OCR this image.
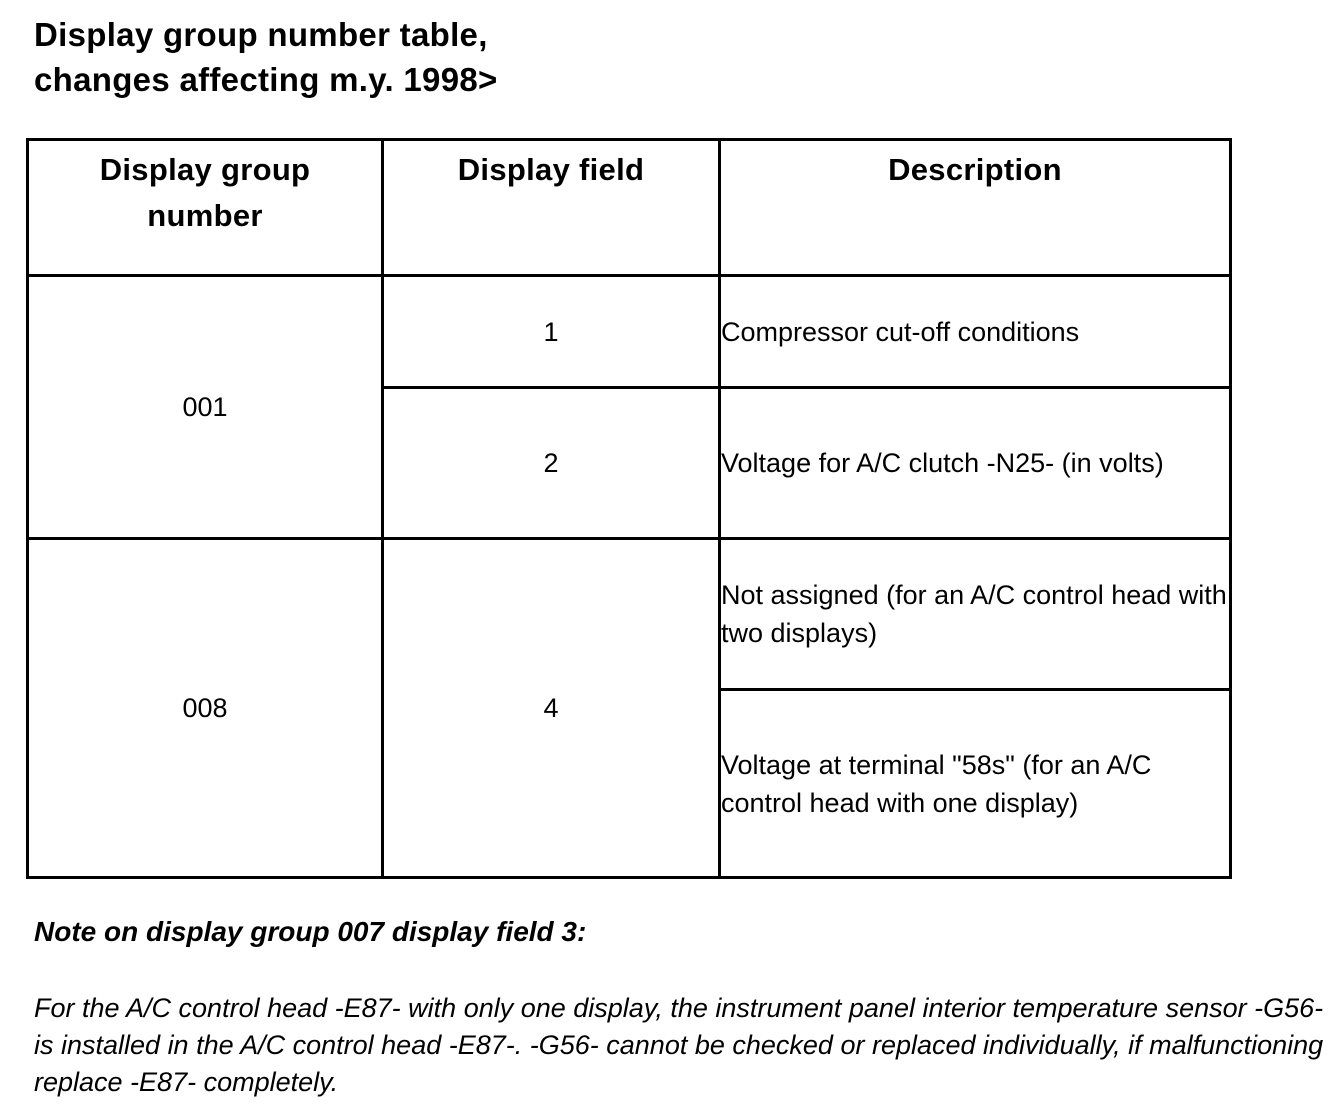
Display group number table,
changes affecting m.y. 1998>
Display group number	Display field	Description
001	1	Compressor cut-off conditions
	2	Voltage for A/C clutch -N25- (in volts)
008	4	Not assigned (for an A/C control head with two displays)
		Voltage at terminal "58s" (for an A/C control head with one display)
Note on display group 007 display field 3:
For the A/C control head -E87- with only one display, the instrument panel interior temperature sensor -G56- is installed in the A/C control head -E87-. -G56- cannot be checked or replaced individually, if malfunctioning replace -E87- completely.
